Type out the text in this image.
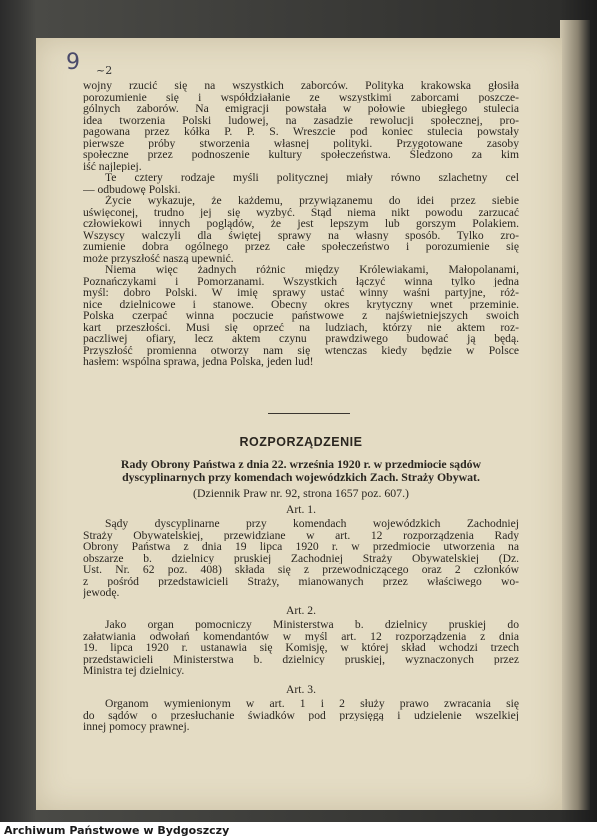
9 ~2
wojny rzucić się na wszystkich zaborców. Polityka krakowska głosiła
porozumienie się i współdziałanie ze wszystkimi zaborcami poszcze-
gólnych zaborów. Na emigracji powstała w połowie ubiegłego stulecia
idea tworzenia Polski ludowej, na zasadzie rewolucji społecznej, pro-
pagowana przez kółka P. P. S. Wreszcie pod koniec stulecia powstały
pierwsze próby stworzenia własnej polityki. Przygotowane zasoby
społeczne przez podnoszenie kultury społeczeństwa. Śledzono za kim
iść najlepiej.
Te cztery rodzaje myśli politycznej miały równo szlachetny cel
— odbudowę Polski.
Życie wykazuje, że każdemu, przywiązanemu do idei przez siebie
uświęconej, trudno jej się wyzbyć. Stąd niema nikt powodu zarzucać
człowiekowi innych poglądów, że jest lepszym lub gorszym Polakiem.
Wszyscy walczyli dla świętej sprawy na własny sposób. Tylko zro-
zumienie dobra ogólnego przez całe społeczeństwo i porozumienie się
może przyszłość naszą upewnić.
Niema więc żadnych różnic między Królewiakami, Małopolanami,
Poznańczykami i Pomorzanami. Wszystkich łączyć winna tylko jedna
myśl: dobro Polski. W imię sprawy ustać winny waśni partyjne, róż-
nice dzielnicowe i stanowe. Obecny okres krytyczny wnet przeminie.
Polska czerpać winna poczucie państwowe z najświetniejszych swoich
kart przeszłości. Musi się oprzeć na ludziach, którzy nie aktem roz-
paczliwej ofiary, lecz aktem czynu prawdziwego budować ją będą.
Przyszłość promienna otworzy nam się wtenczas kiedy będzie w Polsce
hasłem: wspólna sprawa, jedna Polska, jeden lud!
ROZPORZĄDZENIE
Rady Obrony Państwa z dnia 22. września 1920 r. w przedmiocie sądów
dyscyplinarnych przy komendach wojewódzkich Zach. Straży Obywat.
(Dziennik Praw nr. 92, strona 1657 poz. 607.)
Art. 1.
Sądy dyscyplinarne przy komendach wojewódzkich Zachodniej
Straży Obywatelskiej, przewidziane w art. 12 rozporządzenia Rady
Obrony Państwa z dnia 19 lipca 1920 r. w przedmiocie utworzenia na
obszarze b. dzielnicy pruskiej Zachodniej Straży Obywatelskiej (Dz.
Ust. Nr. 62 poz. 408) składa się z przewodniczącego oraz 2 członków
z pośród przedstawicieli Straży, mianowanych przez właściwego wo-
jewodę.
Art. 2.
Jako organ pomocniczy Ministerstwa b. dzielnicy pruskiej do
załatwiania odwołań komendantów w myśl art. 12 rozporządzenia z dnia
19. lipca 1920 r. ustanawia się Komisję, w której skład wchodzi trzech
przedstawicieli Ministerstwa b. dzielnicy pruskiej, wyznaczonych przez
Ministra tej dzielnicy.
Art. 3.
Organom wymienionym w art. 1 i 2 służy prawo zwracania się
do sądów o przesłuchanie świadków pod przysięgą i udzielenie wszelkiej
innej pomocy prawnej.
Archiwum Państwowe w Bydgoszczy
